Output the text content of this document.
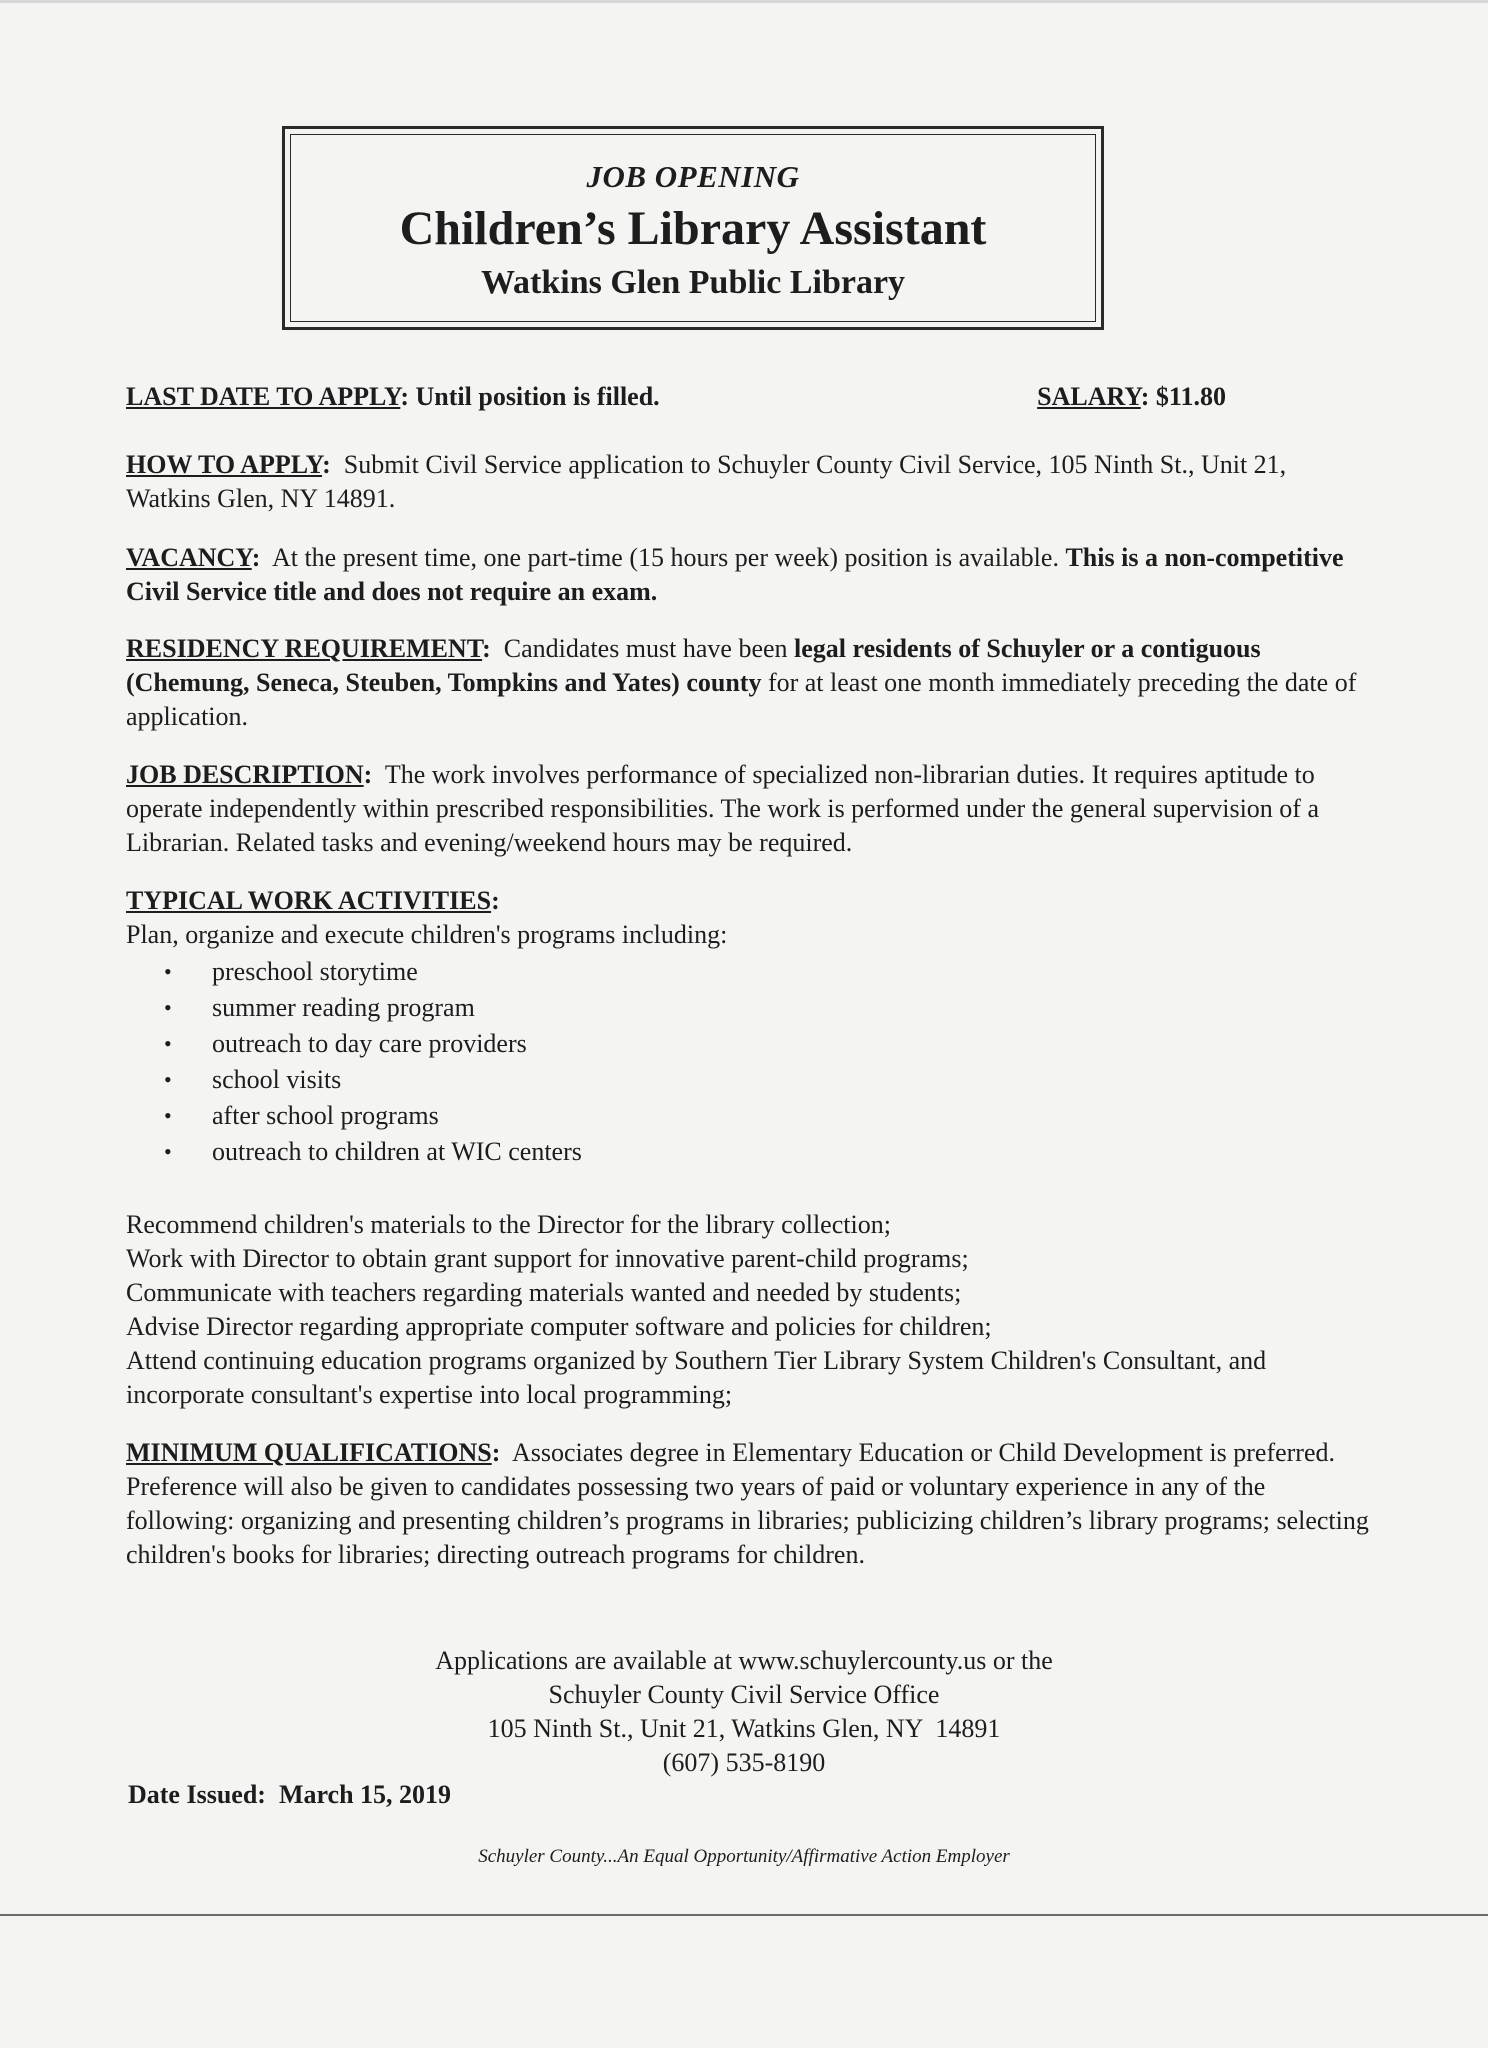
JOB OPENING
Children’s Library Assistant
Watkins Glen Public Library
LAST DATE TO APPLY: Until position is filled.	SALARY: $11.80
HOW TO APPLY: Submit Civil Service application to Schuyler County Civil Service, 105 Ninth St., Unit 21, Watkins Glen, NY 14891.
VACANCY: At the present time, one part-time (15 hours per week) position is available. This is a non-competitive Civil Service title and does not require an exam.
RESIDENCY REQUIREMENT: Candidates must have been legal residents of Schuyler or a contiguous (Chemung, Seneca, Steuben, Tompkins and Yates) county for at least one month immediately preceding the date of application.
JOB DESCRIPTION: The work involves performance of specialized non-librarian duties. It requires aptitude to operate independently within prescribed responsibilities. The work is performed under the general supervision of a Librarian. Related tasks and evening/weekend hours may be required.
TYPICAL WORK ACTIVITIES:
Plan, organize and execute children's programs including:
• preschool storytime
• summer reading program
• outreach to day care providers
• school visits
• after school programs
• outreach to children at WIC centers
Recommend children's materials to the Director for the library collection;
Work with Director to obtain grant support for innovative parent-child programs;
Communicate with teachers regarding materials wanted and needed by students;
Advise Director regarding appropriate computer software and policies for children;
Attend continuing education programs organized by Southern Tier Library System Children's Consultant, and incorporate consultant's expertise into local programming;
MINIMUM QUALIFICATIONS: Associates degree in Elementary Education or Child Development is preferred. Preference will also be given to candidates possessing two years of paid or voluntary experience in any of the following: organizing and presenting children’s programs in libraries; publicizing children’s library programs; selecting children's books for libraries; directing outreach programs for children.
Applications are available at www.schuylercounty.us or the
Schuyler County Civil Service Office
105 Ninth St., Unit 21, Watkins Glen, NY  14891
(607) 535-8190
Date Issued:  March 15, 2019
Schuyler County...An Equal Opportunity/Affirmative Action Employer
